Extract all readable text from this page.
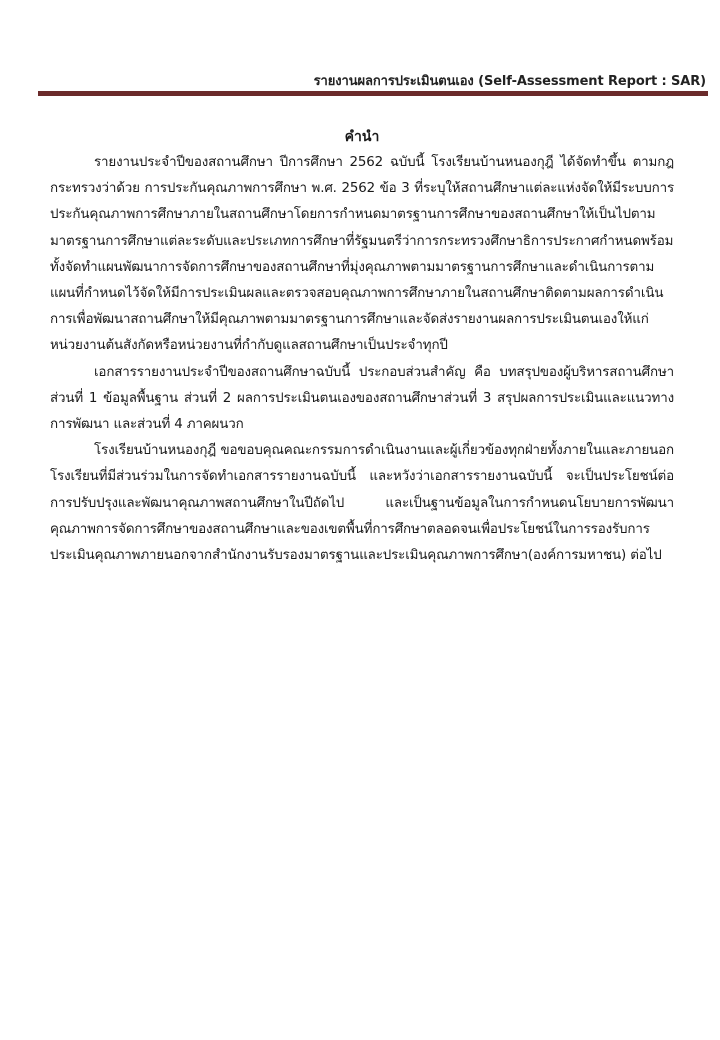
รายงานผลการประเมินตนเอง (Self-Assessment Report : SAR)

คำนำ

รายงานประจำปีของสถานศึกษา ปีการศึกษา 2562 ฉบับนี้ โรงเรียนบ้านหนองกุฎี ได้จัดทำขึ้น ตามกฎกระทรวงว่าด้วย การประกันคุณภาพการศึกษา พ.ศ. 2562 ข้อ 3 ที่ระบุให้สถานศึกษาแต่ละแห่งจัดให้มีระบบการประกันคุณภาพการศึกษาภายในสถานศึกษาโดยการกำหนดมาตรฐานการศึกษาของสถานศึกษาให้เป็นไปตามมาตรฐานการศึกษาแต่ละระดับและประเภทการศึกษาที่รัฐมนตรีว่าการกระทรวงศึกษาธิการประกาศกำหนดพร้อมทั้งจัดทำแผนพัฒนาการจัดการศึกษาของสถานศึกษาที่มุ่งคุณภาพตามมาตรฐานการศึกษาและดำเนินการตามแผนที่กำหนดไว้จัดให้มีการประเมินผลและตรวจสอบคุณภาพการศึกษาภายในสถานศึกษาติดตามผลการดำเนินการเพื่อพัฒนาสถานศึกษาให้มีคุณภาพตามมาตรฐานการศึกษาและจัดส่งรายงานผลการประเมินตนเองให้แก่หน่วยงานต้นสังกัดหรือหน่วยงานที่กำกับดูแลสถานศึกษาเป็นประจำทุกปี

เอกสารรายงานประจำปีของสถานศึกษาฉบับนี้ ประกอบส่วนสำคัญ คือ บทสรุปของผู้บริหารสถานศึกษา ส่วนที่ 1 ข้อมูลพื้นฐาน ส่วนที่ 2 ผลการประเมินตนเองของสถานศึกษาส่วนที่ 3 สรุปผลการประเมินและแนวทางการพัฒนา และส่วนที่ 4 ภาคผนวก

โรงเรียนบ้านหนองกุฎี ขอขอบคุณคณะกรรมการดำเนินงานและผู้เกี่ยวข้องทุกฝ่ายทั้งภายในและภายนอกโรงเรียนที่มีส่วนร่วมในการจัดทำเอกสารรายงานฉบับนี้ และหวังว่าเอกสารรายงานฉบับนี้ จะเป็นประโยชน์ต่อการปรับปรุงและพัฒนาคุณภาพสถานศึกษาในปีถัดไป และเป็นฐานข้อมูลในการกำหนดนโยบายการพัฒนาคุณภาพการจัดการศึกษาของสถานศึกษาและของเขตพื้นที่การศึกษาตลอดจนเพื่อประโยชน์ในการรองรับการประเมินคุณภาพภายนอกจากสำนักงานรับรองมาตรฐานและประเมินคุณภาพการศึกษา(องค์การมหาชน) ต่อไป
